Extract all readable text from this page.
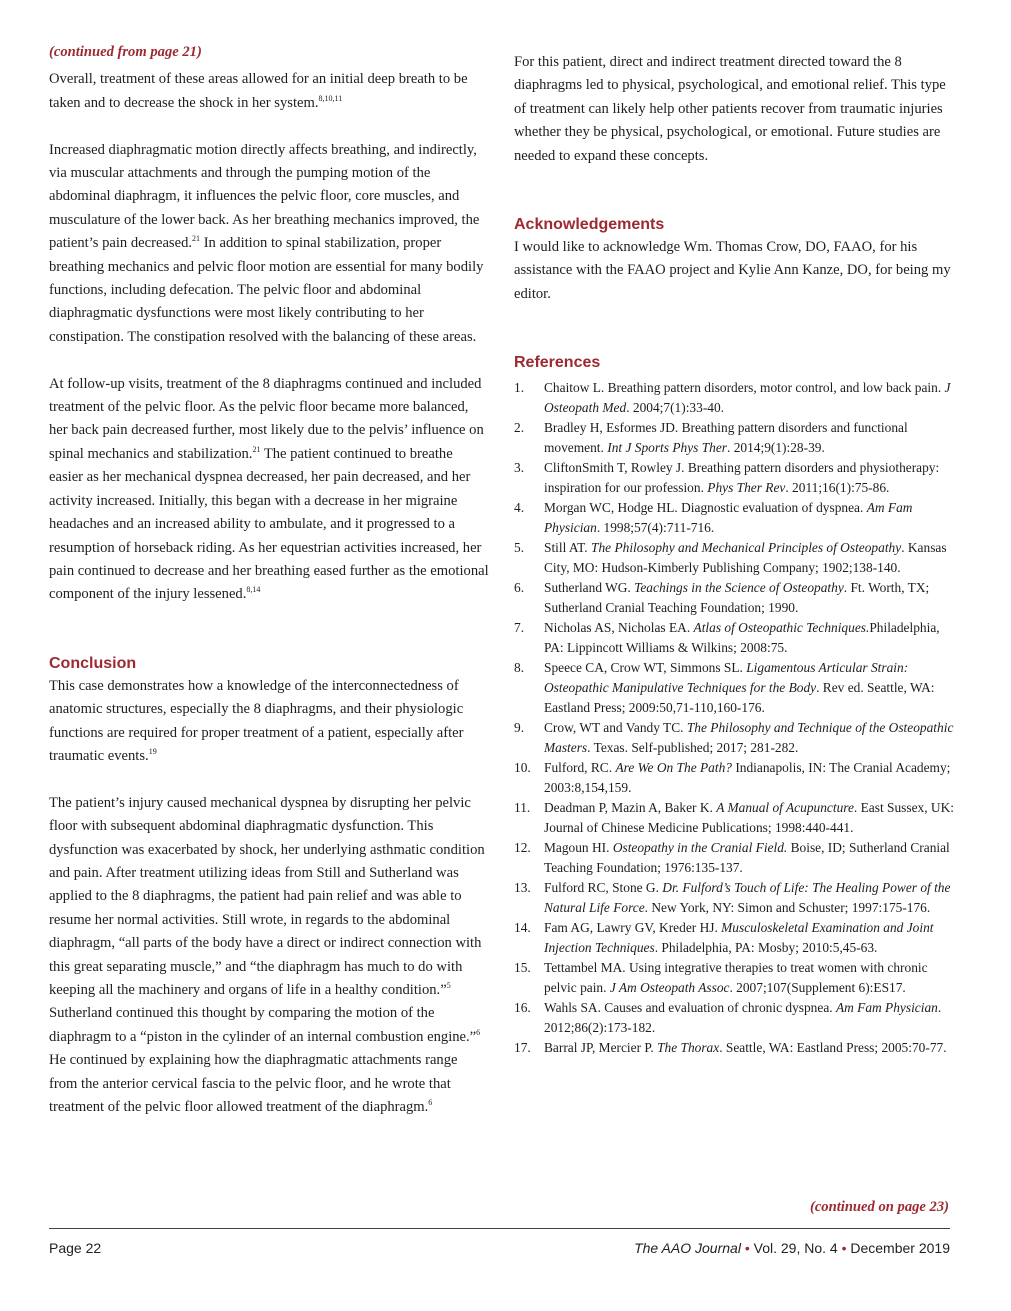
(continued from page 21)

Overall, treatment of these areas allowed for an initial deep breath to be taken and to decrease the shock in her system.$^{8,10,11}$

Increased diaphragmatic motion directly affects breathing, and indirectly, via muscular attachments and through the pumping motion of the abdominal diaphragm, it influences the pelvic floor, core muscles, and musculature of the lower back. As her breathing mechanics improved, the patient’s pain decreased.$^{21}$ In addition to spinal stabilization, proper breathing mechanics and pelvic floor motion are essential for many bodily functions, including defecation. The pelvic floor and abdominal diaphragmatic dysfunctions were most likely contributing to her constipation. The constipation resolved with the balancing of these areas.

At follow-up visits, treatment of the 8 diaphragms continued and included treatment of the pelvic floor. As the pelvic floor became more balanced, her back pain decreased further, most likely due to the pelvis’ influence on spinal mechanics and stabilization.$^{21}$ The patient continued to breathe easier as her mechanical dyspnea decreased, her pain decreased, and her activity increased. Initially, this began with a decrease in her migraine headaches and an increased ability to ambulate, and it progressed to a resumption of horseback riding. As her equestrian activities increased, her pain continued to decrease and her breathing eased further as the emotional component of the injury lessened.$^{8,14}$

Conclusion

This case demonstrates how a knowledge of the interconnectedness of anatomic structures, especially the 8 diaphragms, and their physiologic functions are required for proper treatment of a patient, especially after traumatic events.$^{19}$

The patient’s injury caused mechanical dyspnea by disrupting her pelvic floor with subsequent abdominal diaphragmatic dysfunction. This dysfunction was exacerbated by shock, her underlying asthmatic condition and pain. After treatment utilizing ideas from Still and Sutherland was applied to the 8 diaphragms, the patient had pain relief and was able to resume her normal activities. Still wrote, in regards to the abdominal diaphragm, “all parts of the body have a direct or indirect connection with this great separating muscle,” and “the diaphragm has much to do with keeping all the machinery and organs of life in a healthy condition.”$^5$ Sutherland continued this thought by comparing the motion of the diaphragm to a “piston in the cylinder of an internal combustion engine.”$^6$ He continued by explaining how the diaphragmatic attachments range from the anterior cervical fascia to the pelvic floor, and he wrote that treatment of the pelvic floor allowed treatment of the diaphragm.$^6$

For this patient, direct and indirect treatment directed toward the 8 diaphragms led to physical, psychological, and emotional relief. This type of treatment can likely help other patients recover from traumatic injuries whether they be physical, psychological, or emotional. Future studies are needed to expand these concepts.

Acknowledgements

I would like to acknowledge Wm. Thomas Crow, DO, FAAO, for his assistance with the FAAO project and Kylie Ann Kanze, DO, for being my editor.

References
1.	Chaitow L. Breathing pattern disorders, motor control, and low back pain. J Osteopath Med. 2004;7(1):33-40.
2.	Bradley H, Esformes JD. Breathing pattern disorders and functional movement. Int J Sports Phys Ther. 2014;9(1):28-39.
3.	CliftonSmith T, Rowley J. Breathing pattern disorders and physiotherapy: inspiration for our profession. Phys Ther Rev. 2011;16(1):75-86.
4.	Morgan WC, Hodge HL. Diagnostic evaluation of dyspnea. Am Fam Physician. 1998;57(4):711-716.
5.	Still AT. The Philosophy and Mechanical Principles of Osteopathy. Kansas City, MO: Hudson-Kimberly Publishing Company; 1902;138-140.
6.	Sutherland WG. Teachings in the Science of Osteopathy. Ft. Worth, TX; Sutherland Cranial Teaching Foundation; 1990.
7.	Nicholas AS, Nicholas EA. Atlas of Osteopathic Techniques.Philadelphia, PA: Lippincott Williams & Wilkins; 2008:75.
8.	Speece CA, Crow WT, Simmons SL. Ligamentous Articular Strain: Osteopathic Manipulative Techniques for the Body. Rev ed. Seattle, WA: Eastland Press; 2009:50,71-110,160-176.
9.	Crow, WT and Vandy TC. The Philosophy and Technique of the Osteopathic Masters. Texas. Self-published; 2017; 281-282.
10. Fulford, RC. Are We On The Path? Indianapolis, IN: The Cranial Academy; 2003:8,154,159.
11.	Deadman P, Mazin A, Baker K. A Manual of Acupuncture. East Sussex, UK: Journal of Chinese Medicine Publications; 1998:440-441.
12. Magoun HI. Osteopathy in the Cranial Field. Boise, ID; Sutherland Cranial Teaching Foundation; 1976:135-137.
13. Fulford RC, Stone G. Dr. Fulford’s Touch of Life: The Healing Power of the Natural Life Force. New York, NY: Simon and Schuster; 1997:175-176.
14. Fam AG, Lawry GV, Kreder HJ. Musculoskeletal Examination and Joint Injection Techniques. Philadelphia, PA: Mosby; 2010:5,45-63.
15. Tettambel MA. Using integrative therapies to treat women with chronic pelvic pain. J Am Osteopath Assoc. 2007;107(Supplement 6):ES17.
16. Wahls SA. Causes and evaluation of chronic dyspnea. Am Fam Physician. 2012;86(2):173-182.
17. Barral JP, Mercier P. The Thorax. Seattle, WA: Eastland Press; 2005:70-77.
(continued on page 23)
Page 22	The AAO Journal • Vol. 29, No. 4 • December 2019
